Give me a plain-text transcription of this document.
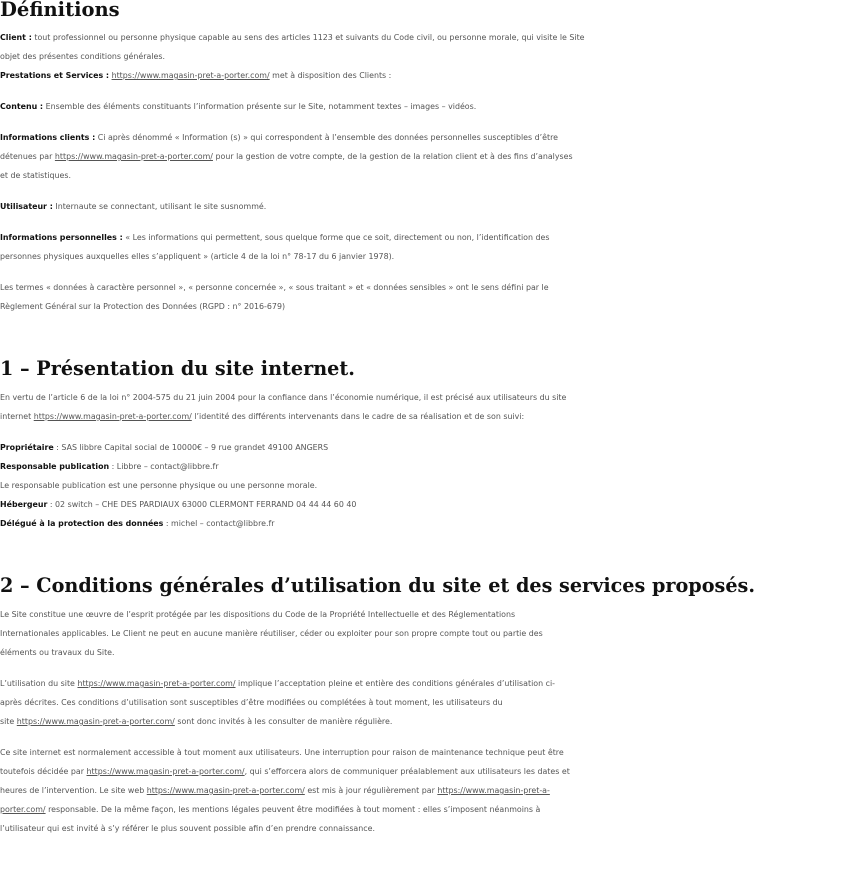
Définitions
Client : tout professionnel ou personne physique capable au sens des articles 1123 et suivants du Code civil, ou personne morale, qui visite le Site
objet des présentes conditions générales.
Prestations et Services : https://www.magasin-pret-a-porter.com/ met à disposition des Clients :
Contenu : Ensemble des éléments constituants l’information présente sur le Site, notamment textes – images – vidéos.
Informations clients : Ci après dénommé « Information (s) » qui correspondent à l’ensemble des données personnelles susceptibles d’être
détenues par https://www.magasin-pret-a-porter.com/ pour la gestion de votre compte, de la gestion de la relation client et à des fins d’analyses
et de statistiques.
Utilisateur : Internaute se connectant, utilisant le site susnommé.
Informations personnelles : « Les informations qui permettent, sous quelque forme que ce soit, directement ou non, l’identification des
personnes physiques auxquelles elles s’appliquent » (article 4 de la loi n° 78-17 du 6 janvier 1978).
Les termes « données à caractère personnel », « personne concernée », « sous traitant » et « données sensibles » ont le sens défini par le
Règlement Général sur la Protection des Données (RGPD : n° 2016-679)
1 – Présentation du site internet.
En vertu de l’article 6 de la loi n° 2004-575 du 21 juin 2004 pour la confiance dans l’économie numérique, il est précisé aux utilisateurs du site
internet https://www.magasin-pret-a-porter.com/ l’identité des différents intervenants dans le cadre de sa réalisation et de son suivi:
Propriétaire : SAS libbre Capital social de 10000€ – 9 rue grandet 49100 ANGERS
Responsable publication : Libbre – contact@libbre.fr
Le responsable publication est une personne physique ou une personne morale.
Hébergeur : 02 switch – CHE DES PARDIAUX 63000 CLERMONT FERRAND 04 44 44 60 40
Délégué à la protection des données : michel – contact@libbre.fr
2 – Conditions générales d’utilisation du site et des services proposés.
Le Site constitue une œuvre de l’esprit protégée par les dispositions du Code de la Propriété Intellectuelle et des Réglementations
Internationales applicables. Le Client ne peut en aucune manière réutiliser, céder ou exploiter pour son propre compte tout ou partie des
éléments ou travaux du Site.
L’utilisation du site https://www.magasin-pret-a-porter.com/ implique l’acceptation pleine et entière des conditions générales d’utilisation ci-
après décrites. Ces conditions d’utilisation sont susceptibles d’être modifiées ou complétées à tout moment, les utilisateurs du
site https://www.magasin-pret-a-porter.com/ sont donc invités à les consulter de manière régulière.
Ce site internet est normalement accessible à tout moment aux utilisateurs. Une interruption pour raison de maintenance technique peut être
toutefois décidée par https://www.magasin-pret-a-porter.com/, qui s’efforcera alors de communiquer préalablement aux utilisateurs les dates et
heures de l’intervention. Le site web https://www.magasin-pret-a-porter.com/ est mis à jour régulièrement par https://www.magasin-pret-a-
porter.com/ responsable. De la même façon, les mentions légales peuvent être modifiées à tout moment : elles s’imposent néanmoins à
l’utilisateur qui est invité à s’y référer le plus souvent possible afin d’en prendre connaissance.
